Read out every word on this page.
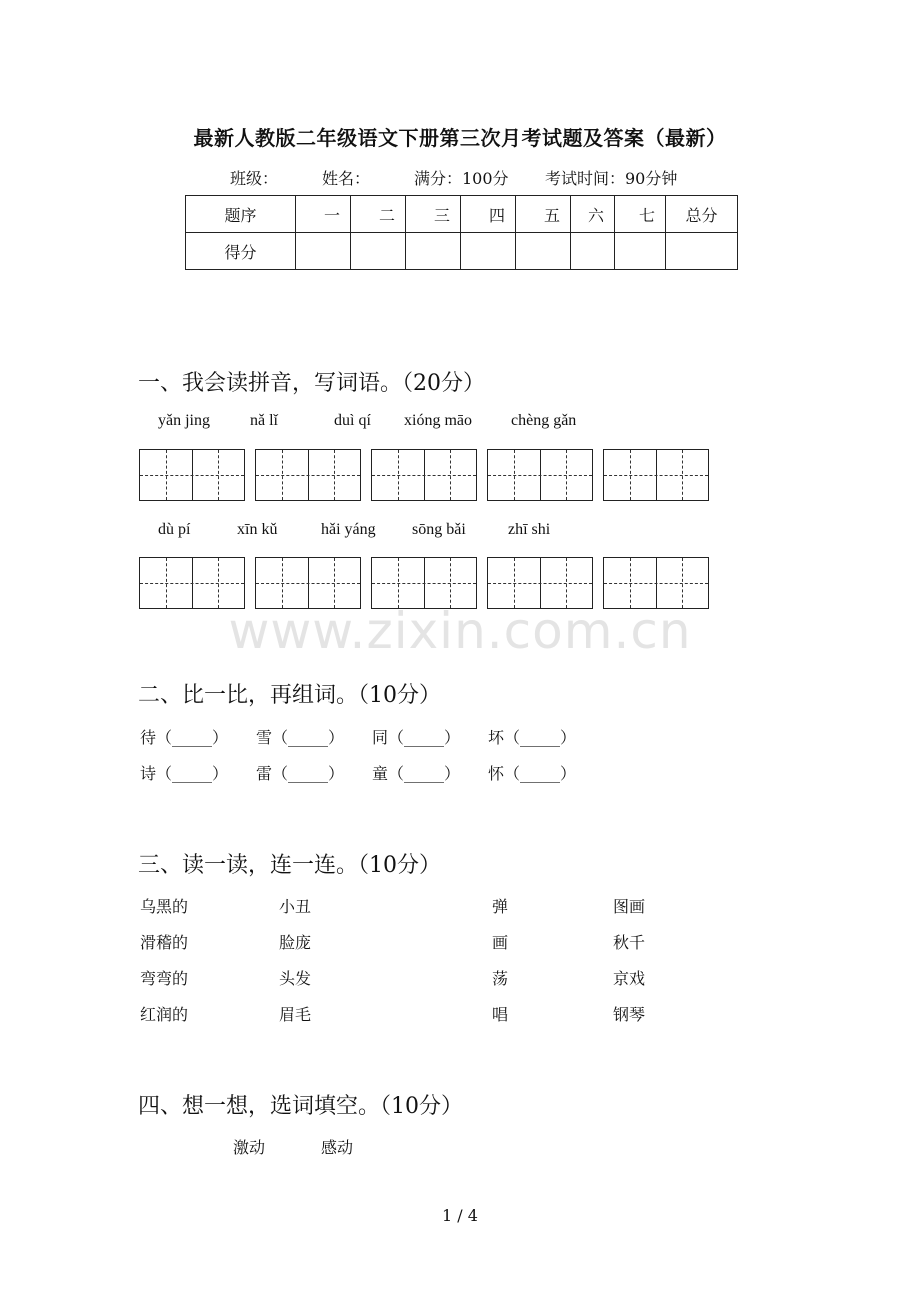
www.zixin.com.cn
最新人教版二年级语文下册第三次月考试题及答案（最新）
班级：	姓名：	满分：100分 考试时间：90分钟
题序	一	二	三	四	五	六	七	总分
得分								
一、我会读拼音，写词语。（20分）
yǎn jing	nǎ lǐ	duì qí xióng māo chèng gǎn
dù pí	xīn kǔ	hǎi yáng sōng bǎi	zhī shi
二、比一比，再组词。（10分）
待（_____） 雪（_____） 同（_____） 坏（_____）
诗（_____） 雷（_____） 童（_____） 怀（_____）
三、读一读，连一连。（10分）
乌黑的	小丑	弹	图画
滑稽的	脸庞	画	秋千
弯弯的	头发	荡	京戏
红润的	眉毛	唱	钢琴
四、想一想，选词填空。（10分）
激动	感动
1 / 4
